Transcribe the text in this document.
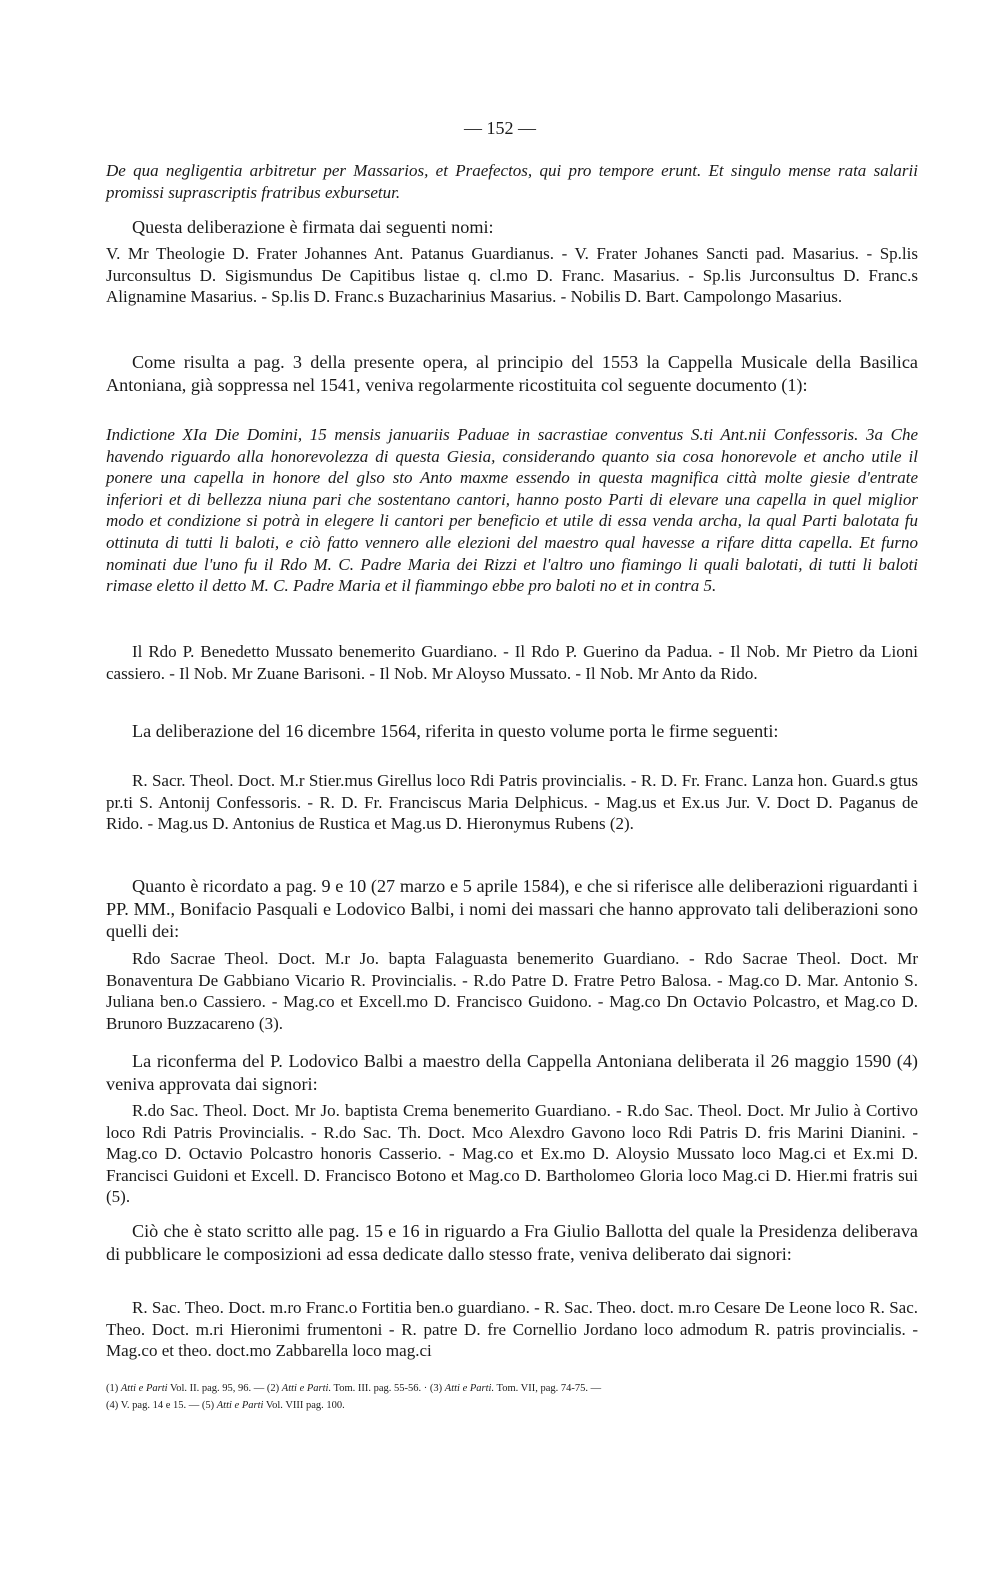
— 152 —
De qua negligentia arbitretur per Massarios, et Praefectos, qui pro tempore erunt. Et singulo mense rata salarii promissi suprascriptis fratribus exbursetur.
Questa deliberazione è firmata dai seguenti nomi:
V. Mr Theologie D. Frater Johannes Ant. Patanus Guardianus. - V. Frater Johanes Sancti pad. Masarius. - Sp.lis Jurconsultus D. Sigismundus De Capitibus listae q. cl.mo D. Franc. Masarius. - Sp.lis Jurconsultus D. Franc.s Alignamine Masarius. - Sp.lis D. Franc.s Buzacharinius Masarius. - Nobilis D. Bart. Campolongo Masarius.
Come risulta a pag. 3 della presente opera, al principio del 1553 la Cappella Musicale della Basilica Antoniana, già soppressa nel 1541, veniva regolarmente ricostituita col seguente documento (1):
Indictione XIa Die Domini, 15 mensis januariis Paduae in sacrastiae conventus S.ti Ant.nii Confessoris. 3a Che havendo riguardo alla honorevolezza di questa Giesia, considerando quanto sia cosa honorevole et ancho utile il ponere una capella in honore del glso sto Anto maxme essendo in questa magnifica città molte giesie d'entrate inferiori et di bellezza niuna pari che sostentano cantori, hanno posto Parti di elevare una capella in quel miglior modo et condizione si potrà in elegere li cantori per beneficio et utile di essa venda archa, la qual Parti balotata fu ottinuta di tutti li baloti, e ciò fatto vennero alle elezioni del maestro qual havesse a rifare ditta capella. Et furno nominati due l'uno fu il Rdo M. C. Padre Maria dei Rizzi et l'altro uno fiamingo li quali balotati, di tutti li baloti rimase eletto il detto M. C. Padre Maria et il fiammingo ebbe pro baloti no et in contra 5.
Il Rdo P. Benedetto Mussato benemerito Guardiano. - Il Rdo P. Guerino da Padua. - Il Nob. Mr Pietro da Lioni cassiero. - Il Nob. Mr Zuane Barisoni. - Il Nob. Mr Aloyso Mussato. - Il Nob. Mr Anto da Rido.
La deliberazione del 16 dicembre 1564, riferita in questo volume porta le firme seguenti:
R. Sacr. Theol. Doct. M.r Stier.mus Girellus loco Rdi Patris provincialis. - R. D. Fr. Franc. Lanza hon. Guard.s gtus pr.ti S. Antonij Confessoris. - R. D. Fr. Franciscus Maria Delphicus. - Mag.us et Ex.us Jur. V. Doct D. Paganus de Rido. - Mag.us D. Antonius de Rustica et Mag.us D. Hieronymus Rubens (2).
Quanto è ricordato a pag. 9 e 10 (27 marzo e 5 aprile 1584), e che si riferisce alle deliberazioni riguardanti i PP. MM., Bonifacio Pasquali e Lodovico Balbi, i nomi dei massari che hanno approvato tali deliberazioni sono quelli dei:
Rdo Sacrae Theol. Doct. M.r Jo. bapta Falaguasta benemerito Guardiano. - Rdo Sacrae Theol. Doct. Mr Bonaventura De Gabbiano Vicario R. Provincialis. - R.do Patre D. Fratre Petro Balosa. - Mag.co D. Mar. Antonio S. Juliana ben.o Cassiero. - Mag.co et Excell.mo D. Francisco Guidono. - Mag.co Dn Octavio Polcastro, et Mag.co D. Brunoro Buzzacareno (3).
La riconferma del P. Lodovico Balbi a maestro della Cappella Antoniana deliberata il 26 maggio 1590 (4) veniva approvata dai signori:
R.do Sac. Theol. Doct. Mr Jo. baptista Crema benemerito Guardiano. - R.do Sac. Theol. Doct. Mr Julio à Cortivo loco Rdi Patris Provincialis. - R.do Sac. Th. Doct. Mco Alexdro Gavono loco Rdi Patris D. fris Marini Dianini. - Mag.co D. Octavio Polcastro honoris Casserio. - Mag.co et Ex.mo D. Aloysio Mussato loco Mag.ci et Ex.mi D. Francisci Guidoni et Excell. D. Francisco Botono et Mag.co D. Bartholomeo Gloria loco Mag.ci D. Hier.mi fratris sui (5).
Ciò che è stato scritto alle pag. 15 e 16 in riguardo a Fra Giulio Ballotta del quale la Presidenza deliberava di pubblicare le composizioni ad essa dedicate dallo stesso frate, veniva deliberato dai signori:
R. Sac. Theo. Doct. m.ro Franc.o Fortitia ben.o guardiano. - R. Sac. Theo. doct. m.ro Cesare De Leone loco R. Sac. Theo. Doct. m.ri Hieronimi frumentoni - R. patre D. fre Cornellio Jordano loco admodum R. patris provincialis. - Mag.co et theo. doct.mo Zabbarella loco mag.ci
(1) Atti e Parti Vol. II. pag. 95, 96. — (2) Atti e Parti. Tom. III. pag. 55-56. · (3) Atti e Parti. Tom. VII, pag. 74-75. —
(4) V. pag. 14 e 15. — (5) Atti e Parti Vol. VIII pag. 100.
